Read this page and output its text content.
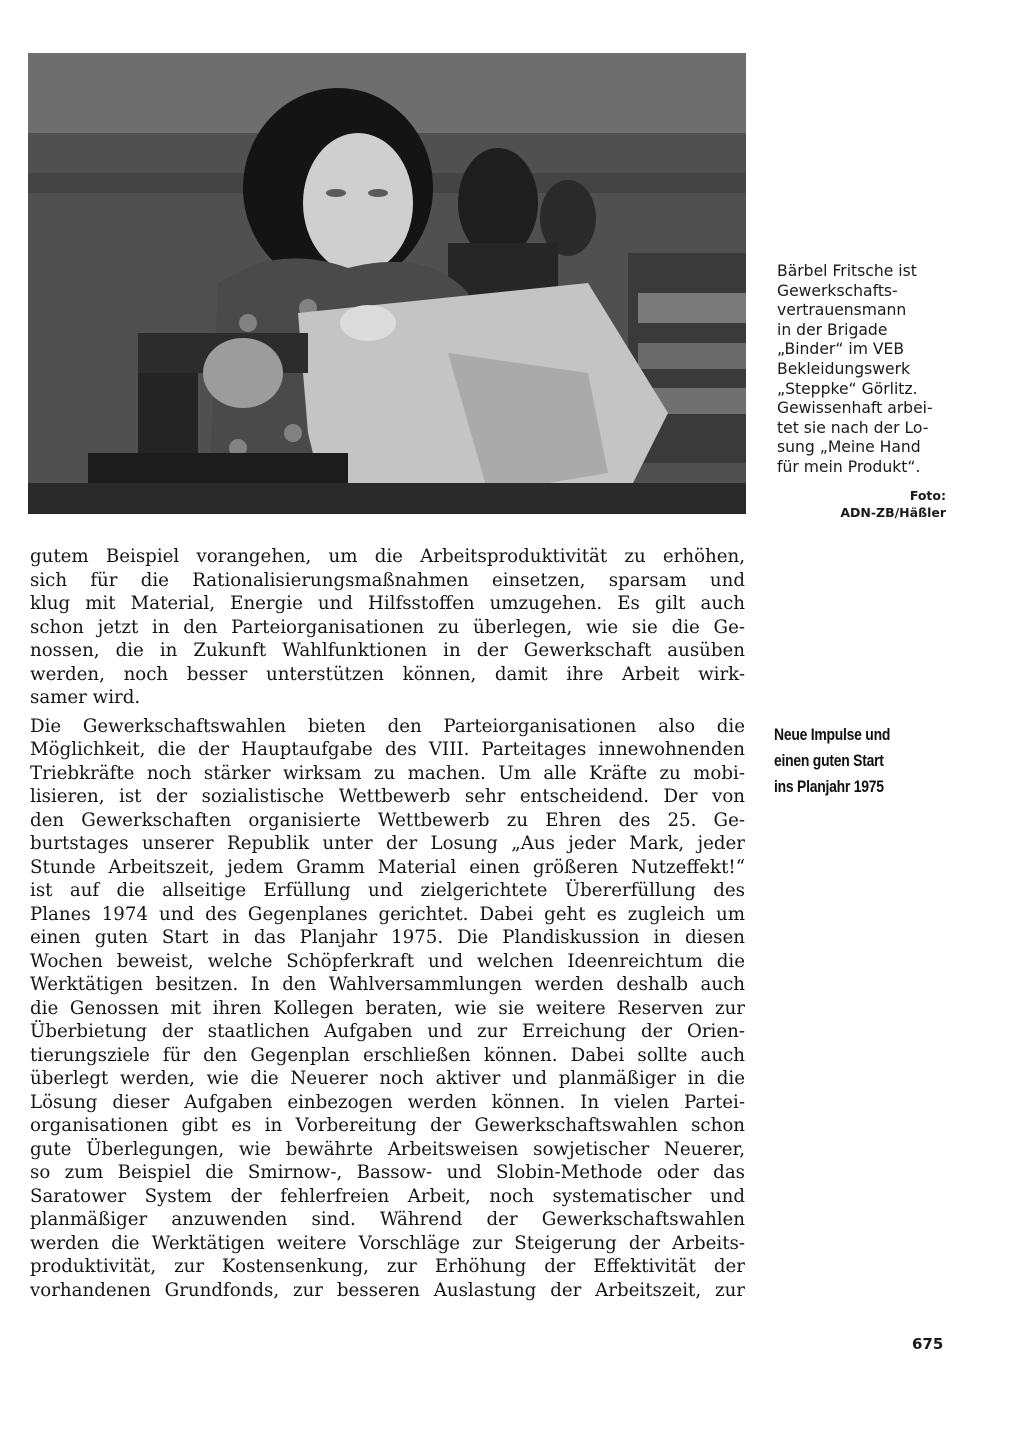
Bärbel Fritsche ist
Gewerkschafts-
vertrauensmann
in der Brigade
„Binder“ im VEB
Bekleidungswerk
„Steppke“ Görlitz.
Gewissenhaft arbei-
tet sie nach der Lo-
sung „Meine Hand
für mein Produkt“.
Foto:
ADN-ZB/Häßler
gutem Beispiel vorangehen, um die Arbeitsproduktivität zu erhöhen,
sich für die Rationalisierungsmaßnahmen einsetzen, sparsam und
klug mit Material, Energie und Hilfsstoffen umzugehen. Es gilt auch
schon jetzt in den Parteiorganisationen zu überlegen, wie sie die Ge-
nossen, die in Zukunft Wahlfunktionen in der Gewerkschaft ausüben
werden, noch besser unterstützen können, damit ihre Arbeit wirk-
samer wird.
Die Gewerkschaftswahlen bieten den Parteiorganisationen also die
Möglichkeit, die der Hauptaufgabe des VIII. Parteitages innewohnenden
Triebkräfte noch stärker wirksam zu machen. Um alle Kräfte zu mobi-
lisieren, ist der sozialistische Wettbewerb sehr entscheidend. Der von
den Gewerkschaften organisierte Wettbewerb zu Ehren des 25. Ge-
burtstages unserer Republik unter der Losung „Aus jeder Mark, jeder
Stunde Arbeitszeit, jedem Gramm Material einen größeren Nutzeffekt!“
ist auf die allseitige Erfüllung und zielgerichtete Übererfüllung des
Planes 1974 und des Gegenplanes gerichtet. Dabei geht es zugleich um
einen guten Start in das Planjahr 1975. Die Plandiskussion in diesen
Wochen beweist, welche Schöpferkraft und welchen Ideenreichtum die
Werktätigen besitzen. In den Wahlversammlungen werden deshalb auch
die Genossen mit ihren Kollegen beraten, wie sie weitere Reserven zur
Überbietung der staatlichen Aufgaben und zur Erreichung der Orien-
tierungsziele für den Gegenplan erschließen können. Dabei sollte auch
überlegt werden, wie die Neuerer noch aktiver und planmäßiger in die
Lösung dieser Aufgaben einbezogen werden können. In vielen Partei-
organisationen gibt es in Vorbereitung der Gewerkschaftswahlen schon
gute Überlegungen, wie bewährte Arbeitsweisen sowjetischer Neuerer,
so zum Beispiel die Smirnow-, Bassow- und Slobin-Methode oder das
Saratower System der fehlerfreien Arbeit, noch systematischer und
planmäßiger anzuwenden sind. Während der Gewerkschaftswahlen
werden die Werktätigen weitere Vorschläge zur Steigerung der Arbeits-
produktivität, zur Kostensenkung, zur Erhöhung der Effektivität der
vorhandenen Grundfonds, zur besseren Auslastung der Arbeitszeit, zur
Neue Impulse und
einen guten Start
ins Planjahr 1975
675
